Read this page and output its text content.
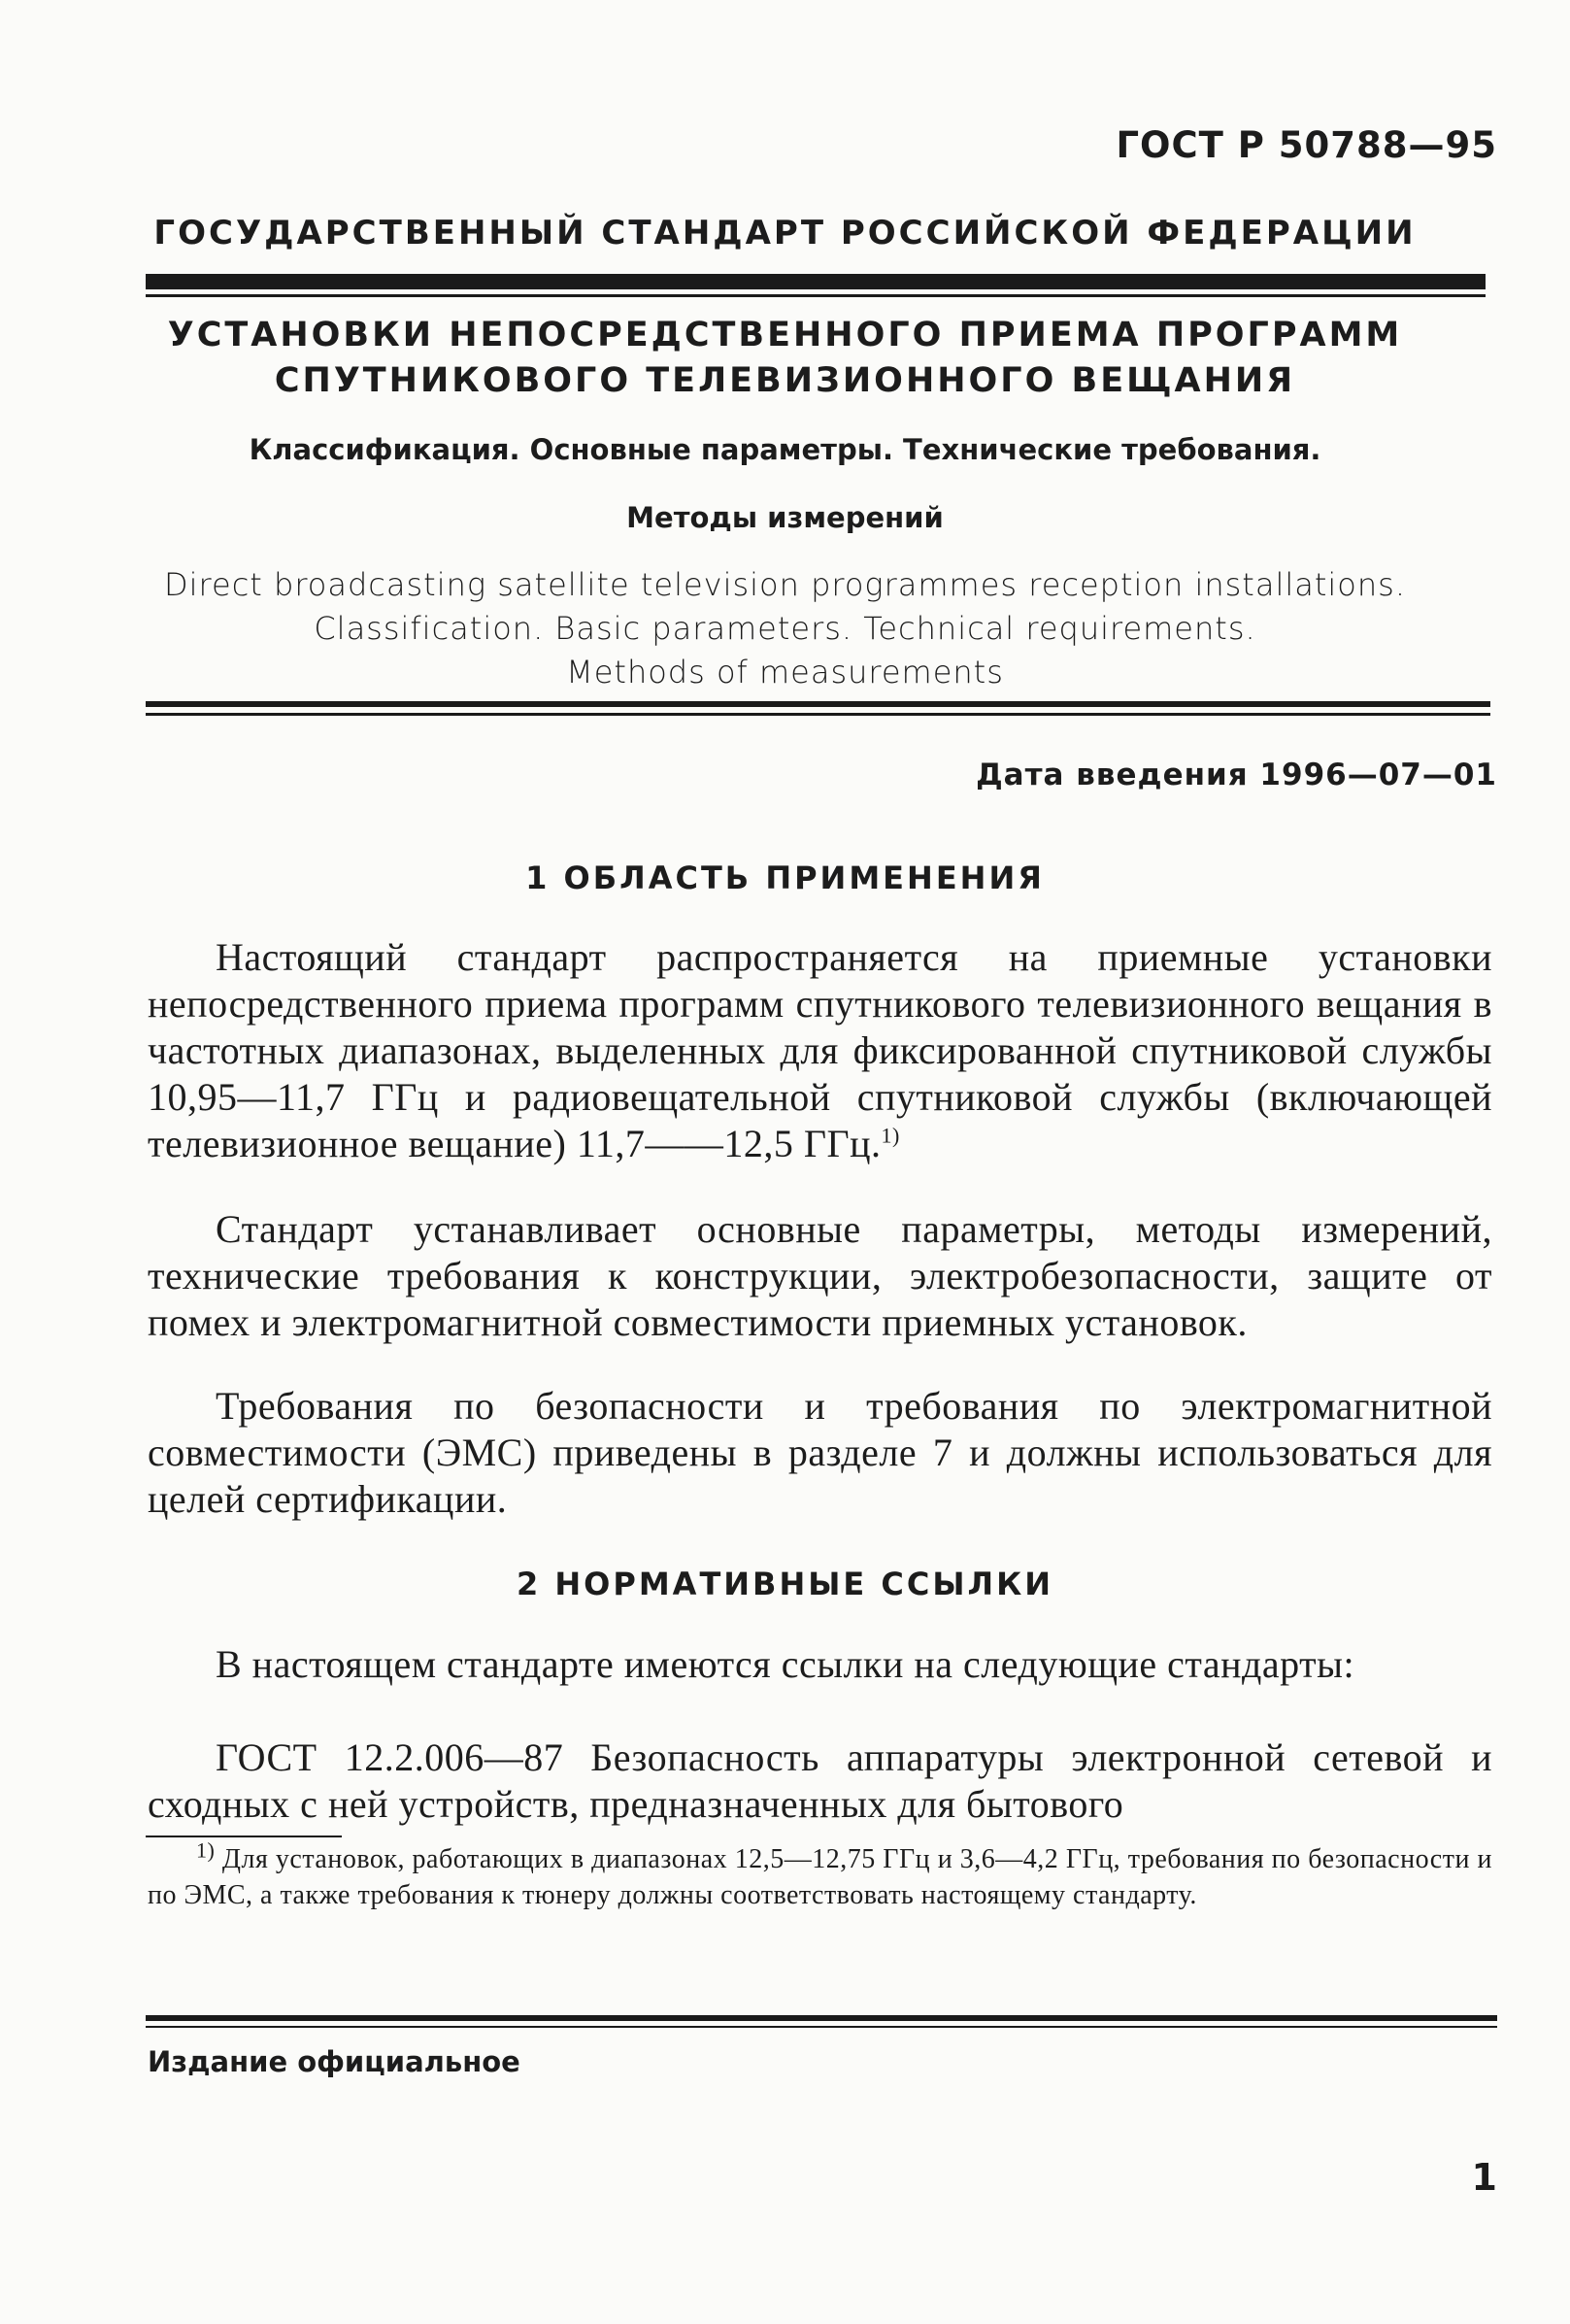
ГОСТ Р 50788—95
ГОСУДАРСТВЕННЫЙ СТАНДАРТ РОССИЙСКОЙ ФЕДЕРАЦИИ
УСТАНОВКИ НЕПОСРЕДСТВЕННОГО ПРИЕМА ПРОГРАММ
СПУТНИКОВОГО ТЕЛЕВИЗИОННОГО ВЕЩАНИЯ
Классификация. Основные параметры. Технические требования.
Методы измерений
Direct broadcasting satellite television programmes reception installations.
Classification. Basic parameters. Technical requirements.
Methods of measurements
Дата введения 1996—07—01
1 ОБЛАСТЬ ПРИМЕНЕНИЯ

Настоящий стандарт распространяется на приемные установки непосредственного приема программ спутникового телевизионного вещания в частотных диапазонах, выделенных для фиксированной спутниковой службы 10,95—11,7 ГГц и радиовещательной спутниковой службы (включающей телевизионное вещание) 11,7——12,5 ГГц.$^{1)}$

Стандарт устанавливает основные параметры, методы измерений, технические требования к конструкции, электробезопасности, защите от помех и электромагнитной совместимости приемных установок.

Требования по безопасности и требования по электромагнитной совместимости (ЭМС) приведены в разделе 7 и должны использоваться для целей сертификации.

2 НОРМАТИВНЫЕ ССЫЛКИ

В настоящем стандарте имеются ссылки на следующие стандарты:

ГОСТ 12.2.006—87 Безопасность аппаратуры электронной сетевой и сходных с ней устройств, предназначенных для бытового

$^{1)}$ Для установок, работающих в диапазонах 12,5—12,75 ГГц и 3,6—4,2 ГГц, требования по безопасности и по ЭМС, а также требования к тюнеру должны соответствовать настоящему стандарту.

Издание официальное
1
